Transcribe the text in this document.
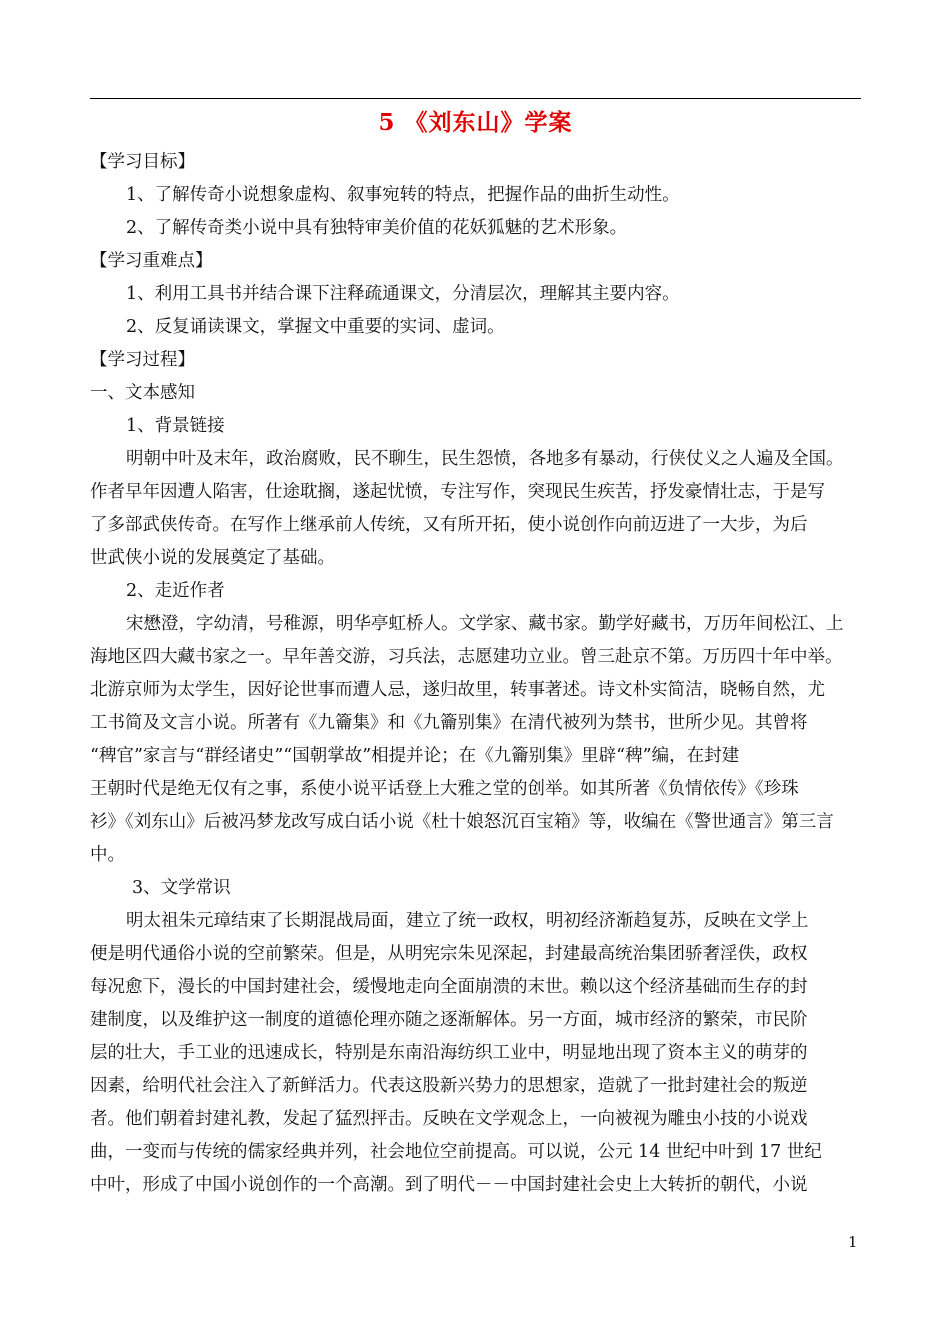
5 《刘东山》学案
【学习目标】
1、了解传奇小说想象虚构、叙事宛转的特点，把握作品的曲折生动性。
2、了解传奇类小说中具有独特审美价值的花妖狐魅的艺术形象。
【学习重难点】
1、利用工具书并结合课下注释疏通课文，分清层次，理解其主要内容。
2、反复诵读课文，掌握文中重要的实词、虚词。
【学习过程】
一、文本感知
1、背景链接
明朝中叶及末年，政治腐败，民不聊生，民生怨愤，各地多有暴动，行侠仗义之人遍及全国。
作者早年因遭人陷害，仕途耽搁，遂起忧愤，专注写作，突现民生疾苦，抒发豪情壮志，于是写
了多部武侠传奇。在写作上继承前人传统，又有所开拓，使小说创作向前迈进了一大步，为后
世武侠小说的发展奠定了基础。
2、走近作者
宋懋澄，字幼清，号稚源，明华亭虹桥人。文学家、藏书家。勤学好藏书，万历年间松江、上
海地区四大藏书家之一。早年善交游，习兵法，志愿建功立业。曾三赴京不第。万历四十年中举。
北游京师为太学生，因好论世事而遭人忌，遂归故里，转事著述。诗文朴实简洁，晓畅自然，尤
工书简及文言小说。所著有《九籥集》和《九籥别集》在清代被列为禁书，世所少见。其曾将
“稗官”家言与“群经诸史”“国朝掌故”相提并论；在《九籥别集》里辟“稗”编，在封建
王朝时代是绝无仅有之事，系使小说平话登上大雅之堂的创举。如其所著《负情依传》《珍珠
衫》《刘东山》后被冯梦龙改写成白话小说《杜十娘怒沉百宝箱》等，收编在《警世通言》第三言
中。
3、文学常识
明太祖朱元璋结束了长期混战局面，建立了统一政权，明初经济渐趋复苏，反映在文学上
便是明代通俗小说的空前繁荣。但是，从明宪宗朱见深起，封建最高统治集团骄奢淫佚，政权
每况愈下，漫长的中国封建社会，缓慢地走向全面崩溃的末世。赖以这个经济基础而生存的封
建制度，以及维护这一制度的道德伦理亦随之逐渐解体。另一方面，城市经济的繁荣，市民阶
层的壮大，手工业的迅速成长，特别是东南沿海纺织工业中，明显地出现了资本主义的萌芽的
因素，给明代社会注入了新鲜活力。代表这股新兴势力的思想家，造就了一批封建社会的叛逆
者。他们朝着封建礼教，发起了猛烈抨击。反映在文学观念上，一向被视为雕虫小技的小说戏
曲，一变而与传统的儒家经典并列，社会地位空前提高。可以说，公元 14 世纪中叶到 17 世纪
中叶，形成了中国小说创作的一个高潮。到了明代－－中国封建社会史上大转折的朝代，小说
1
